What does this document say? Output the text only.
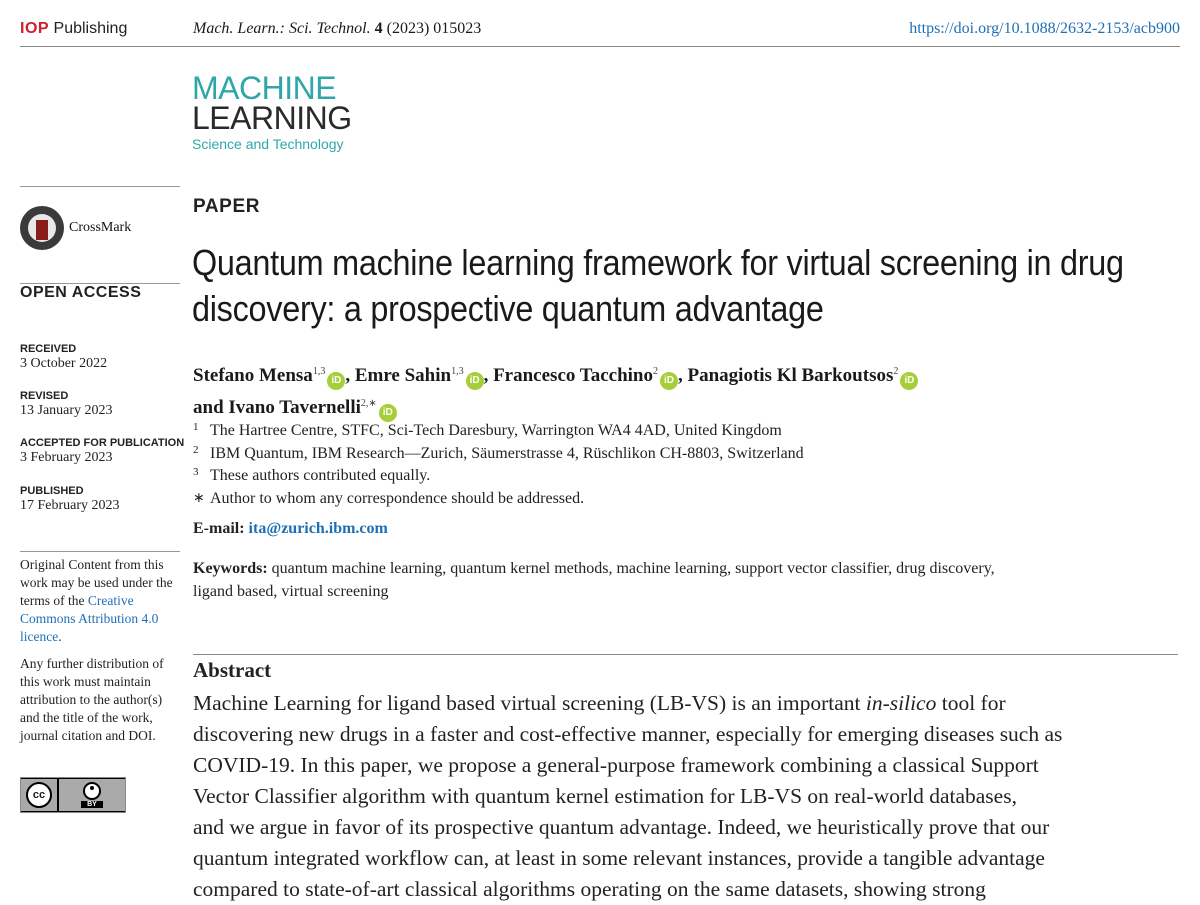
IOP Publishing	Mach. Learn.: Sci. Technol. 4 (2023) 015023	https://doi.org/10.1088/2632-2153/acb900
MACHINE
LEARNING
Science and Technology
CrossMark
OPEN ACCESS
RECEIVED
3 October 2022
REVISED
13 January 2023
ACCEPTED FOR PUBLICATION
3 February 2023
PUBLISHED
17 February 2023
Original Content from this work may be used under the terms of the Creative Commons Attribution 4.0 licence.
Any further distribution of this work must maintain attribution to the author(s) and the title of the work, journal citation and DOI.
cc
BY
PAPER
Quantum machine learning framework for virtual screening in drug
discovery: a prospective quantum advantage
Stefano Mensa$^{1,3}$iD , Emre Sahin$^{1,3}$iD , Francesco Tacchino$^2$iD , Panagiotis Kl Barkoutsos$^2$iD
and Ivano Tavernelli$^{2,∗}$iD
1 The Hartree Centre, STFC, Sci-Tech Daresbury, Warrington WA4 4AD, United Kingdom
2 IBM Quantum, IBM Research—Zurich, Säumerstrasse 4, Rüschlikon CH-8803, Switzerland
3 These authors contributed equally.
∗ Author to whom any correspondence should be addressed.
E-mail: ita@zurich.ibm.com
Keywords: quantum machine learning, quantum kernel methods, machine learning, support vector classifier, drug discovery,
ligand based, virtual screening
Abstract
Machine Learning for ligand based virtual screening (LB-VS) is an important in-silico tool for
discovering new drugs in a faster and cost-effective manner, especially for emerging diseases such as
COVID-19. In this paper, we propose a general-purpose framework combining a classical Support
Vector Classifier algorithm with quantum kernel estimation for LB-VS on real-world databases,
and we argue in favor of its prospective quantum advantage. Indeed, we heuristically prove that our
quantum integrated workflow can, at least in some relevant instances, provide a tangible advantage
compared to state-of-art classical algorithms operating on the same datasets, showing strong
